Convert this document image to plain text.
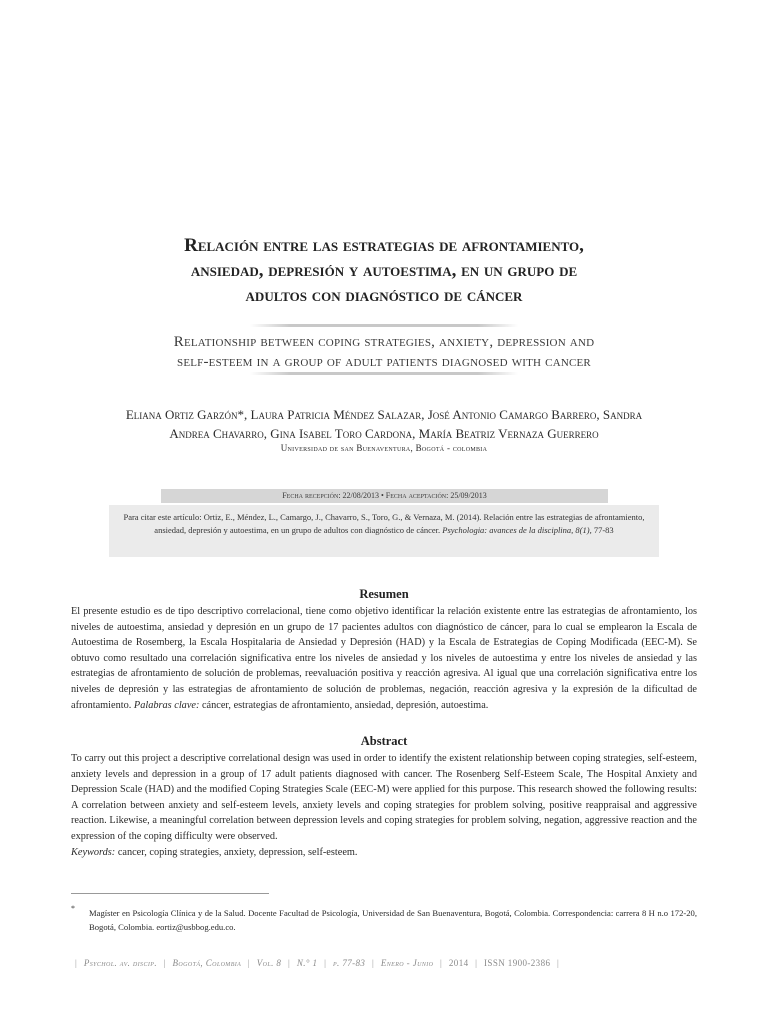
Relación entre las estrategias de afrontamiento,
ansiedad, depresión y autoestima, en un grupo de
adultos con diagnóstico de cáncer
Relationship between coping strategies, anxiety, depression and
self-esteem in a group of adult patients diagnosed with cancer
Eliana Ortiz Garzón*, Laura Patricia Méndez Salazar, José Antonio Camargo Barrero, Sandra
Andrea Chavarro, Gina Isabel Toro Cardona, María Beatriz Vernaza Guerrero
Universidad de san Buenaventura, Bogotá - colombia
Fecha recepción: 22/08/2013 • Fecha aceptación: 25/09/2013
Para citar este artículo: Ortiz, E., Méndez, L., Camargo, J., Chavarro, S., Toro, G., & Vernaza, M. (2014). Relación entre las estrategias de afrontamiento, ansiedad, depresión y autoestima, en un grupo de adultos con diagnóstico de cáncer. Psychologia: avances de la disciplina, 8(1), 77-83
Resumen
El presente estudio es de tipo descriptivo correlacional, tiene como objetivo identificar la relación existente entre las estrategias de afrontamiento, los niveles de autoestima, ansiedad y depresión en un grupo de 17 pacientes adultos con diagnóstico de cáncer, para lo cual se emplearon la Escala de Autoestima de Rosemberg, la Escala Hospitalaria de Ansiedad y Depresión (HAD) y la Escala de Estrategias de Coping Modificada (EEC-M). Se obtuvo como resultado una correlación significativa entre los niveles de ansiedad y los niveles de autoestima y entre los niveles de ansiedad y las estrategias de afrontamiento de solución de problemas, reevaluación positiva y reacción agresiva. Al igual que una correlación significativa entre los niveles de depresión y las estrategias de afrontamiento de solución de problemas, negación, reacción agresiva y la expresión de la dificultad de afrontamiento. Palabras clave: cáncer, estrategias de afrontamiento, ansiedad, depresión, autoestima.
Abstract
To carry out this project a descriptive correlational design was used in order to identify the existent relationship between coping strategies, self-esteem, anxiety levels and depression in a group of 17 adult patients diagnosed with cancer. The Rosenberg Self-Esteem Scale, The Hospital Anxiety and Depression Scale (HAD) and the modified Coping Strategies Scale (EEC-M) were applied for this purpose. This research showed the following results: A correlation between anxiety and self-esteem levels, anxiety levels and coping strategies for problem solving, positive reappraisal and aggressive reaction. Likewise, a meaningful correlation between depression levels and coping strategies for problem solving, negation, aggressive reaction and the expression of the coping difficulty were observed.
Keywords: cancer, coping strategies, anxiety, depression, self-esteem.
* Magíster en Psicología Clínica y de la Salud. Docente Facultad de Psicología, Universidad de San Buenaventura, Bogotá, Colombia. Correspondencia: carrera 8 H n.o 172-20, Bogotá, Colombia. eortiz@usbbog.edu.co.
| Psychol. av. discip. | Bogotá, Colombia | Vol. 8 | N.° 1 | p. 77-83 | Enero - Junio | 2014 | ISSN 1900-2386 |
